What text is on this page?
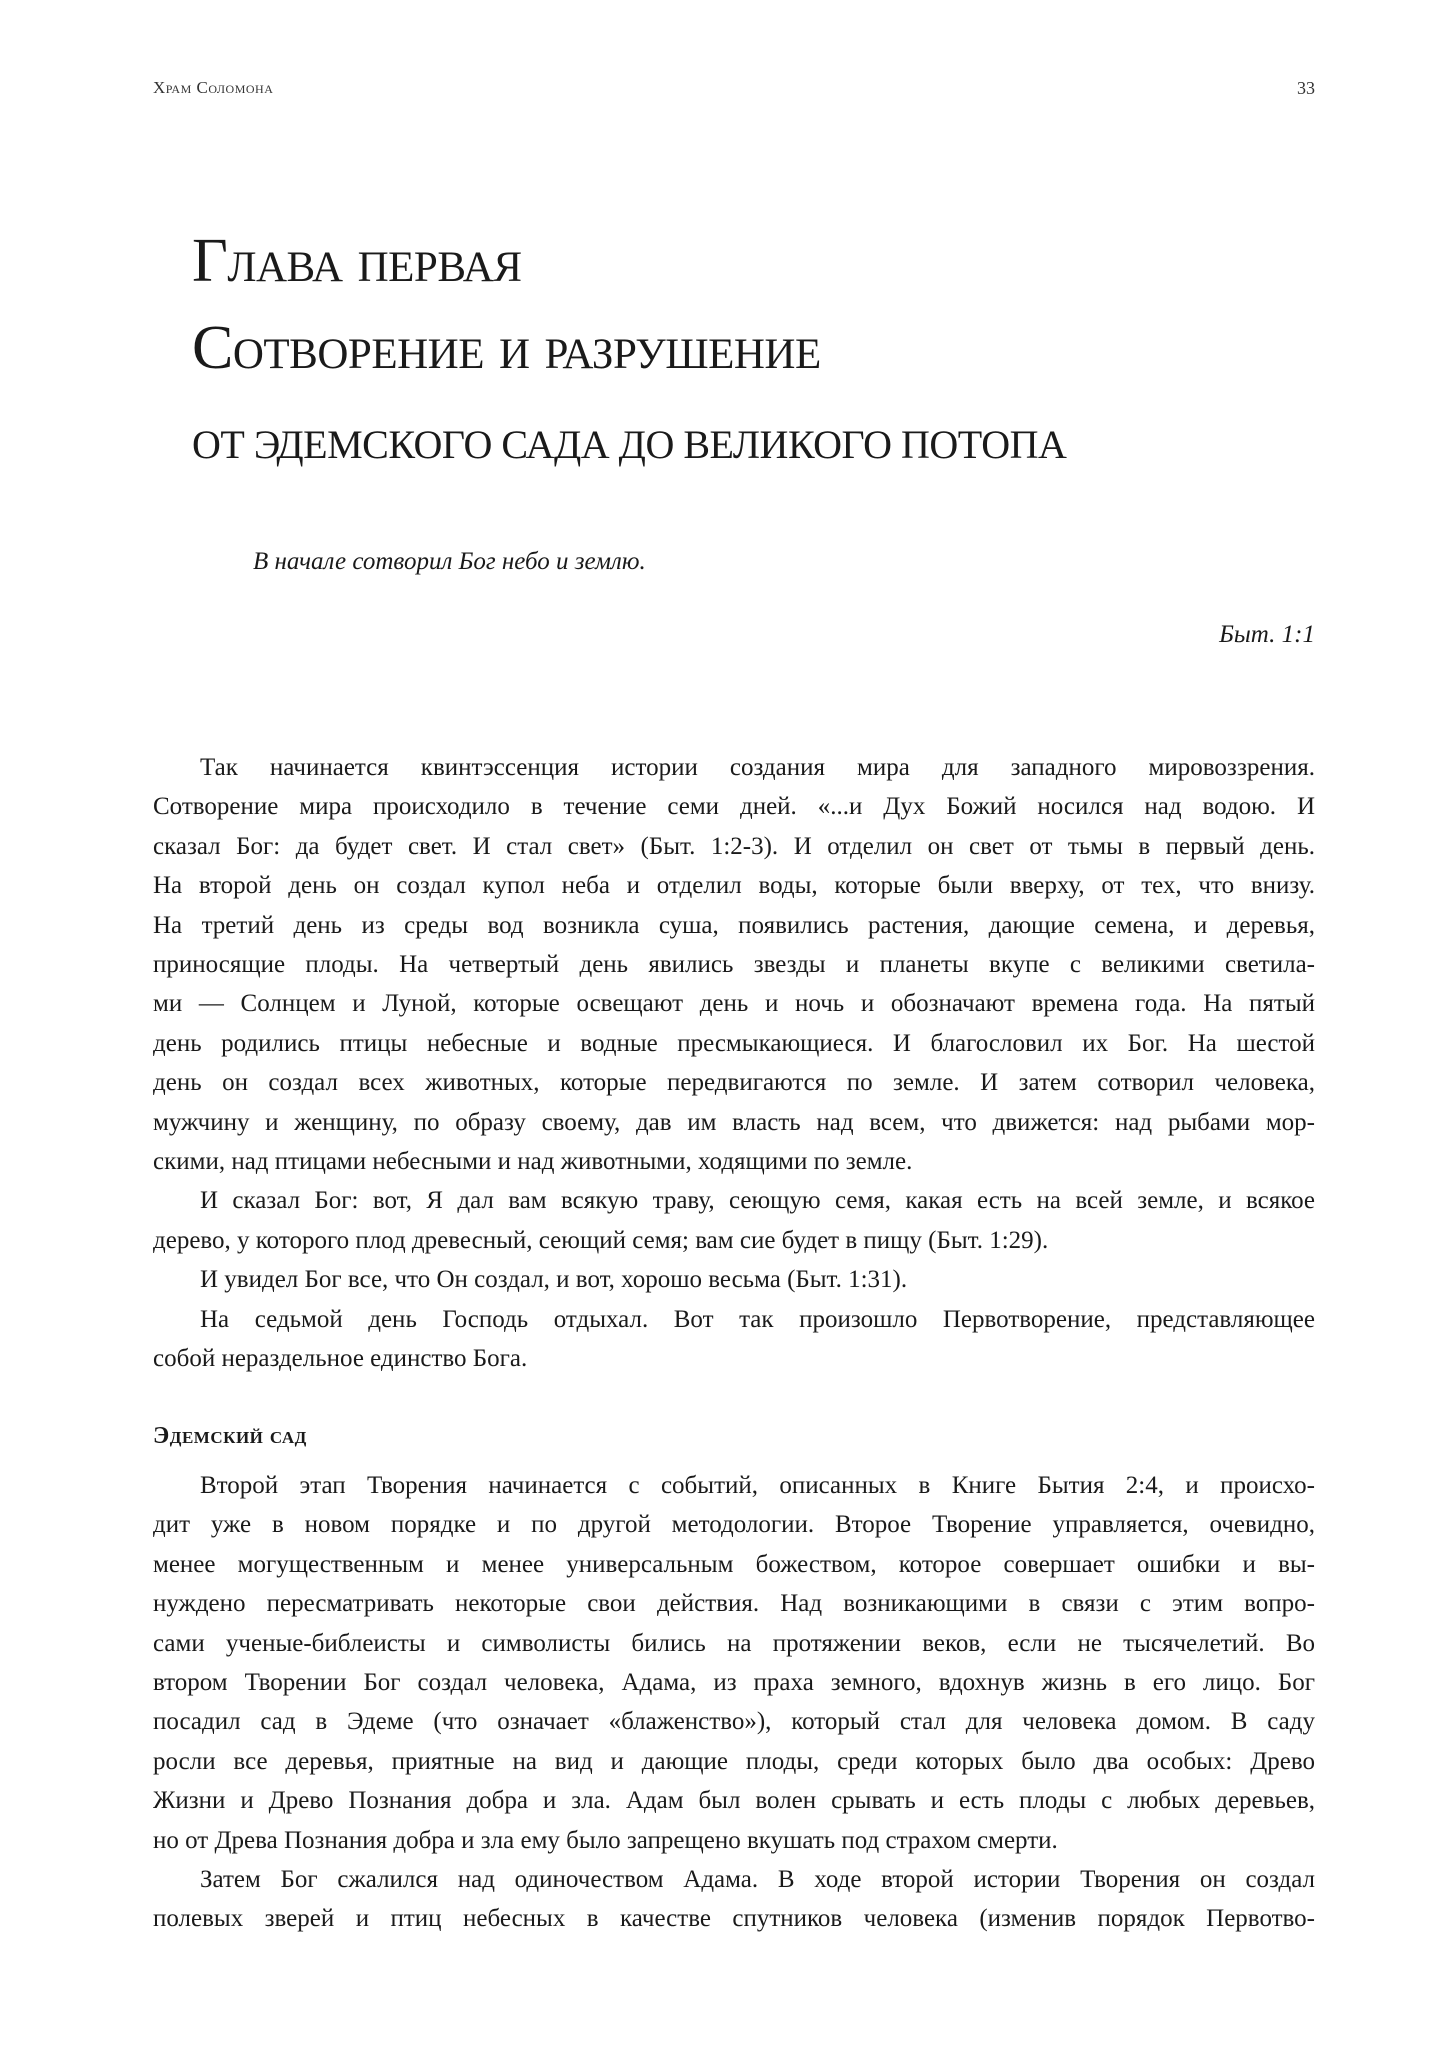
Храм Соломона	33
Глава первая
Сотворение и разрушение
ОТ ЭДЕМСКОГО САДА ДО ВЕЛИКОГО ПОТОПА
В начале сотворил Бог небо и землю.
Быт. 1:1
Так начинается квинтэссенция истории создания мира для западного мировоззрения.
Сотворение мира происходило в течение семи дней. «...и Дух Божий носился над водою. И
сказал Бог: да будет свет. И стал свет» (Быт. 1:2-3). И отделил он свет от тьмы в первый день.
На второй день он создал купол неба и отделил воды, которые были вверху, от тех, что внизу.
На третий день из среды вод возникла суша, появились растения, дающие семена, и деревья,
приносящие плоды. На четвертый день явились звезды и планеты вкупе с великими светила-
ми — Солнцем и Луной, которые освещают день и ночь и обозначают времена года. На пятый
день родились птицы небесные и водные пресмыкающиеся. И благословил их Бог. На шестой
день он создал всех животных, которые передвигаются по земле. И затем сотворил человека,
мужчину и женщину, по образу своему, дав им власть над всем, что движется: над рыбами мор-
скими, над птицами небесными и над животными, ходящими по земле.
И сказал Бог: вот, Я дал вам всякую траву, сеющую семя, какая есть на всей земле, и всякое
дерево, у которого плод древесный, сеющий семя; вам сие будет в пищу (Быт. 1:29).
И увидел Бог все, что Он создал, и вот, хорошо весьма (Быт. 1:31).
На седьмой день Господь отдыхал. Вот так произошло Первотворение, представляющее
собой нераздельное единство Бога.
Эдемский сад
Второй этап Творения начинается с событий, описанных в Книге Бытия 2:4, и происхо-
дит уже в новом порядке и по другой методологии. Второе Творение управляется, очевидно,
менее могущественным и менее универсальным божеством, которое совершает ошибки и вы-
нуждено пересматривать некоторые свои действия. Над возникающими в связи с этим вопро-
сами ученые-библеисты и символисты бились на протяжении веков, если не тысячелетий. Во
втором Творении Бог создал человека, Адама, из праха земного, вдохнув жизнь в его лицо. Бог
посадил сад в Эдеме (что означает «блаженство»), который стал для человека домом. В саду
росли все деревья, приятные на вид и дающие плоды, среди которых было два особых: Древо
Жизни и Древо Познания добра и зла. Адам был волен срывать и есть плоды с любых деревьев,
но от Древа Познания добра и зла ему было запрещено вкушать под страхом смерти.
Затем Бог сжалился над одиночеством Адама. В ходе второй истории Творения он создал
полевых зверей и птиц небесных в качестве спутников человека (изменив порядок Первотво-
